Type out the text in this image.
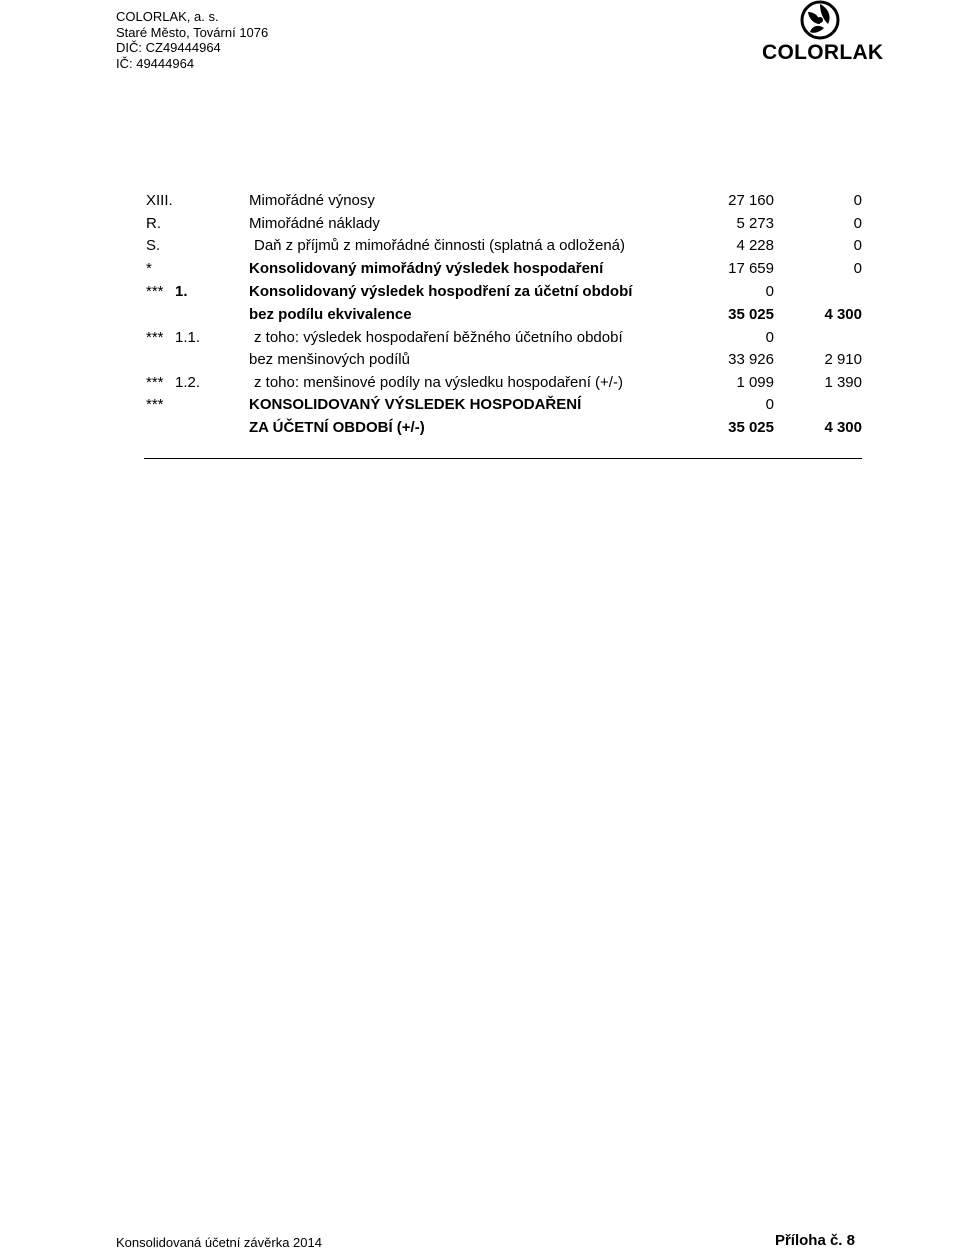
COLORLAK, a. s.
Staré Město, Tovární 1076
DIČ: CZ49444964
IČ: 49444964	COLORLAK
XIII.	Mimořádné výnosy	27 160	0
R.	Mimořádné náklady	5 273	0
S.	Daň z příjmů z mimořádné činnosti (splatná a odložená)	4 228	0
*	Konsolidovaný mimořádný výsledek hospodaření	17 659	0
*** 1.	Konsolidovaný výsledek hospodření za účetní období	0
bez podílu ekvivalence	35 025	4 300
*** 1.1.	z toho: výsledek hospodaření běžného účetního období	0
bez menšinových podílů	33 926	2 910
*** 1.2.	z toho: menšinové podíly na výsledku hospodaření (+/-)	1 099	1 390
***	KONSOLIDOVANÝ VÝSLEDEK HOSPODAŘENÍ	0
ZA ÚČETNÍ OBDOBÍ (+/-)	35 025	4 300
Konsolidovaná účetní závěrka 2014	Příloha č. 8
